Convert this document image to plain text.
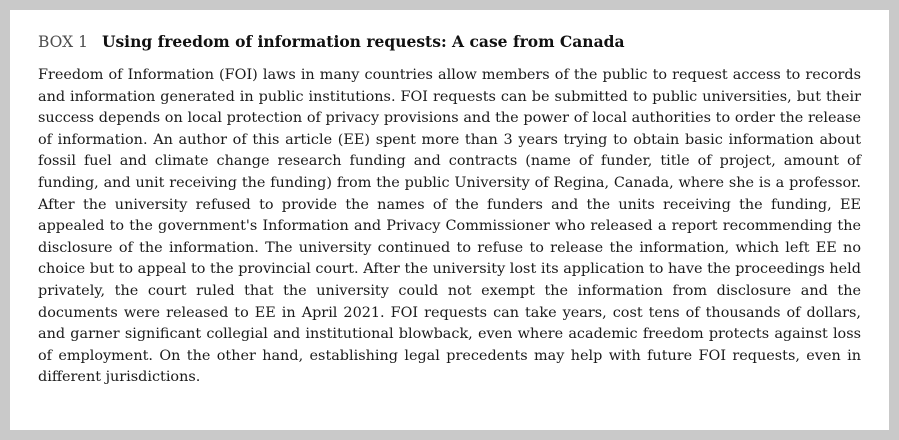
BOX 1 Using freedom of information requests: A case from Canada

Freedom of Information (FOI) laws in many countries allow members of the public to request access to records and information generated in public institutions. FOI requests can be submitted to public universities, but their success depends on local protection of privacy provisions and the power of local authorities to order the release of information. An author of this article (EE) spent more than 3 years trying to obtain basic information about fossil fuel and climate change research funding and contracts (name of funder, title of project, amount of funding, and unit receiving the funding) from the public University of Regina, Canada, where she is a professor. After the university refused to provide the names of the funders and the units receiving the funding, EE appealed to the government's Information and Privacy Commissioner who released a report recommending the disclosure of the information. The university continued to refuse to release the information, which left EE no choice but to appeal to the provincial court. After the university lost its application to have the proceedings held privately, the court ruled that the university could not exempt the information from disclosure and the documents were released to EE in April 2021. FOI requests can take years, cost tens of thousands of dollars, and garner significant collegial and institutional blowback, even where academic freedom protects against loss of employment. On the other hand, establishing legal precedents may help with future FOI requests, even in different jurisdictions.
